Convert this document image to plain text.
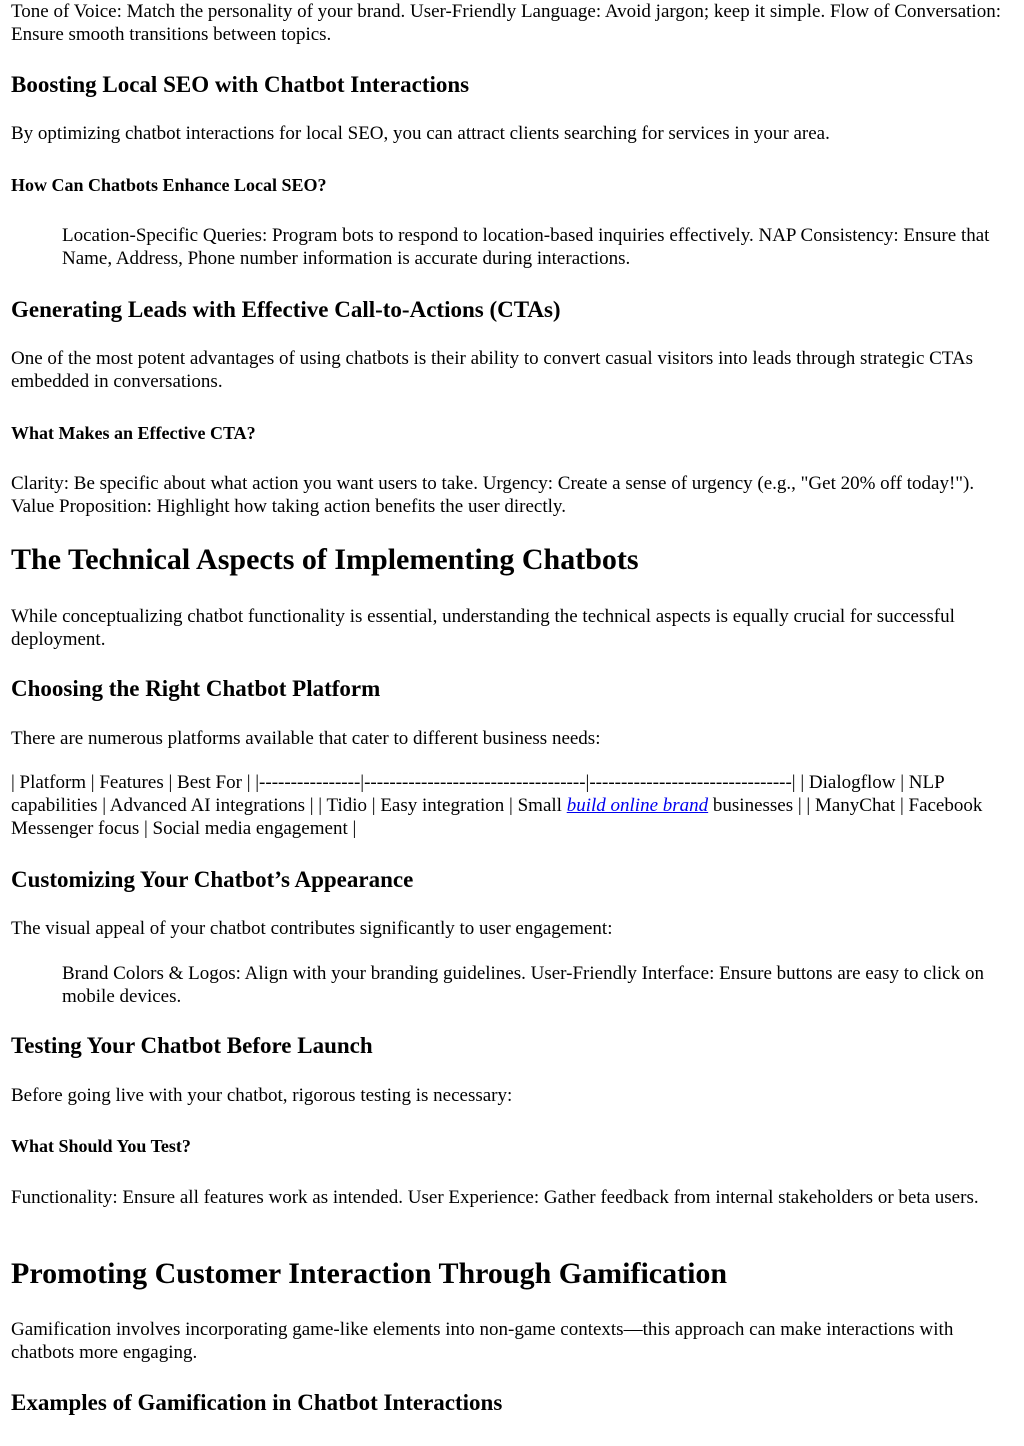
Tone of Voice: Match the personality of your brand. User-Friendly Language: Avoid jargon; keep it simple. Flow of Conversation: Ensure smooth transitions between topics.

Boosting Local SEO with Chatbot Interactions

By optimizing chatbot interactions for local SEO, you can attract clients searching for services in your area.

How Can Chatbots Enhance Local SEO?

Location-Specific Queries: Program bots to respond to location-based inquiries effectively. NAP Consistency: Ensure that Name, Address, Phone number information is accurate during interactions.

Generating Leads with Effective Call-to-Actions (CTAs)

One of the most potent advantages of using chatbots is their ability to convert casual visitors into leads through strategic CTAs embedded in conversations.

What Makes an Effective CTA?

Clarity: Be specific about what action you want users to take. Urgency: Create a sense of urgency (e.g., "Get 20% off today!"). Value Proposition: Highlight how taking action benefits the user directly.

The Technical Aspects of Implementing Chatbots

While conceptualizing chatbot functionality is essential, understanding the technical aspects is equally crucial for successful deployment.

Choosing the Right Chatbot Platform

There are numerous platforms available that cater to different business needs:

| Platform | Features | Best For | |----------------|-----------------------------------|--------------------------------| | Dialogflow | NLP capabilities | Advanced AI integrations | | Tidio | Easy integration | Small build online brand businesses | | ManyChat | Facebook Messenger focus | Social media engagement |

Customizing Your Chatbot’s Appearance

The visual appeal of your chatbot contributes significantly to user engagement:

Brand Colors & Logos: Align with your branding guidelines. User-Friendly Interface: Ensure buttons are easy to click on mobile devices.

Testing Your Chatbot Before Launch

Before going live with your chatbot, rigorous testing is necessary:

What Should You Test?

Functionality: Ensure all features work as intended. User Experience: Gather feedback from internal stakeholders or beta users.

Promoting Customer Interaction Through Gamification

Gamification involves incorporating game-like elements into non-game contexts—this approach can make interactions with chatbots more engaging.

Examples of Gamification in Chatbot Interactions
